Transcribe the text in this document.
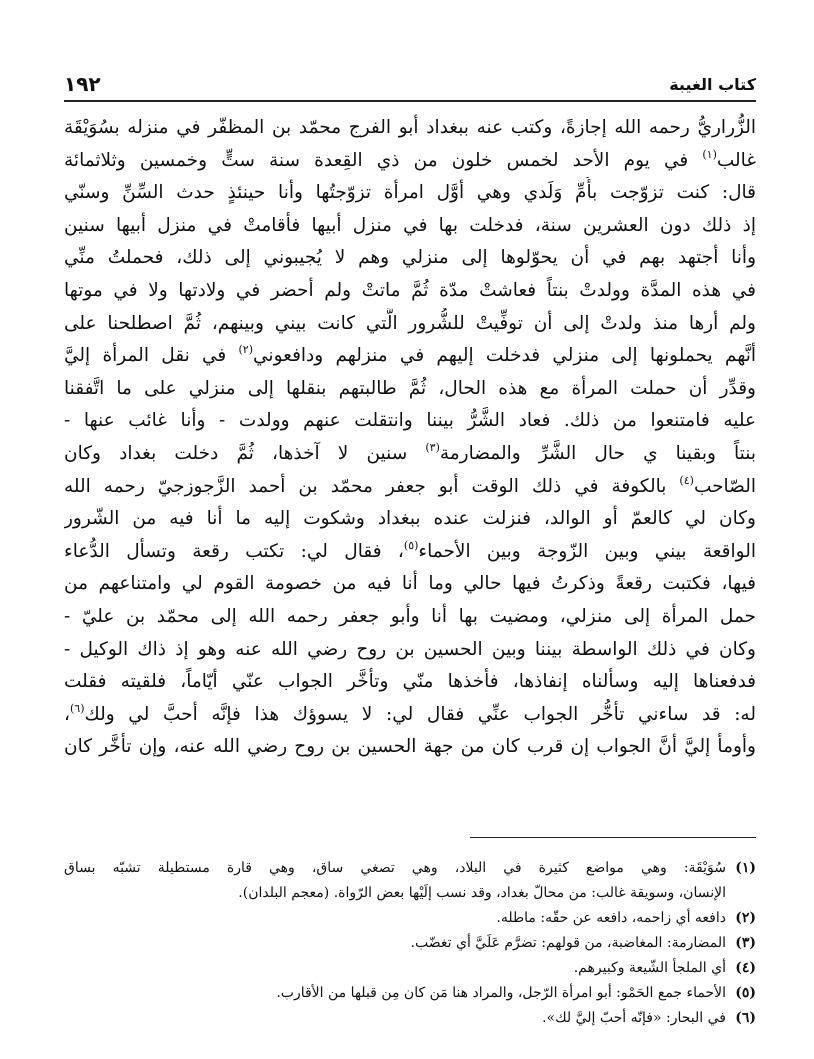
كتاب الغيبة
١٩٢
الزُّراريُّ رحمه الله إجازةً، وكتب عنه ببغداد أبو الفرج محمّد بن المظفّر في منزله بسُوَيْقَة
غالب$^{(١)}$ في يوم الأحد لخمس خلون من ذي القِعدة سنة ستٍّ وخمسين وثلاثمائة
قال: كنت تزوّجت بأُمِّ وَلَدي وهي أوَّل امرأة تزوّجتُها وأنا حينئذٍ حدث السِّنِّ وسنّي
إذ ذلك دون العشرين سنة، فدخلت بها في منزل أبيها فأقامتْ في منزل أبيها سنين
وأنا أجتهد بهم في أن يحوّلوها إلى منزلي وهم لا يُجيبوني إلى ذلك، فحملتُ منِّي
في هذه المدَّة وولدتْ بنتاً فعاشتْ مدّة ثُمَّ ماتتْ ولم أحضر في ولادتها ولا في موتها
ولم أرها منذ ولدتْ إلى أن توفِّيتْ للشُّرور الَّتي كانت بيني وبينهم، ثُمَّ اصطلحنا على
أنَّهم يحملونها إلى منزلي فدخلت إليهم في منزلهم ودافعوني$^{(٢)}$ في نقل المرأة إليَّ
وقدِّر أن حملت المرأة مع هذه الحال، ثُمَّ طالبتهم بنقلها إلى منزلي على ما اتَّفقنا
عليه فامتنعوا من ذلك. فعاد الشَّرُّ بيننا وانتقلت عنهم وولدت - وأنا غائب عنها -
بنتاً وبقينا ي حال الشَّرِّ والمضارمة$^{(٣)}$ سنين لا آخذها، ثُمَّ دخلت بغداد وكان
الصّاحب$^{(٤)}$ بالكوفة في ذلك الوقت أبو جعفر محمّد بن أحمد الزَّجوزجيّ رحمه الله
وكان لي كالعمّ أو الوالد، فنزلت عنده ببغداد وشكوت إليه ما أنا فيه من الشّرور
الواقعة بيني وبين الزّوجة وبين الأحماء$^{(٥)}$، فقال لي: تكتب رقعة وتسأل الدُّعاء
فيها، فكتبت رقعةً وذكرتُ فيها حالي وما أنا فيه من خصومة القوم لي وامتناعهم من
حمل المرأة إلى منزلي، ومضيت بها أنا وأبو جعفر رحمه الله إلى محمّد بن عليّ -
وكان في ذلك الواسطة بيننا وبين الحسين بن روح رضي الله عنه وهو إذ ذاك الوكيل -
فدفعناها إليه وسألناه إنفاذها، فأخذها منّي وتأخَّر الجواب عنّي أيّاماً، فلقيته فقلت
له: قد ساءني تأخُّر الجواب عنِّي فقال لي: لا يسوؤك هذا فإنَّه أحبَّ لي ولك$^{(٦)}$،
وأومأ إليَّ أنَّ الجواب إن قرب كان من جهة الحسين بن روح رضي الله عنه، وإن تأخَّر كان
(١)
سُوَيْقَة: وهي مواضع كثيرة في البلاد، وهي تصغي ساق، وهي قارة مستطيلة تشبّه بساق
الإنسان، وسويقة غالب: من محالّ بغداد، وقد نسب إلَيْها بعض الرّواة. (معجم البلدان).
(٢)
دافعه أي زاحمه، دافعه عن حقّه: ماطله.
(٣)
المضارمة: المغاضبة، من قولهم: تضرَّم عَلَيَّ أي تغضّب.
(٤)
أي الملجأ الشّيعة وكبيرهم.
(٥)
الأحماء جمع الحَمْو: أبو امرأة الرّجل، والمراد هنا مَن كان مِن قبلها من الأقارب.
(٦)
في البحار: «فإنّه أحبّ إليَّ لك».
